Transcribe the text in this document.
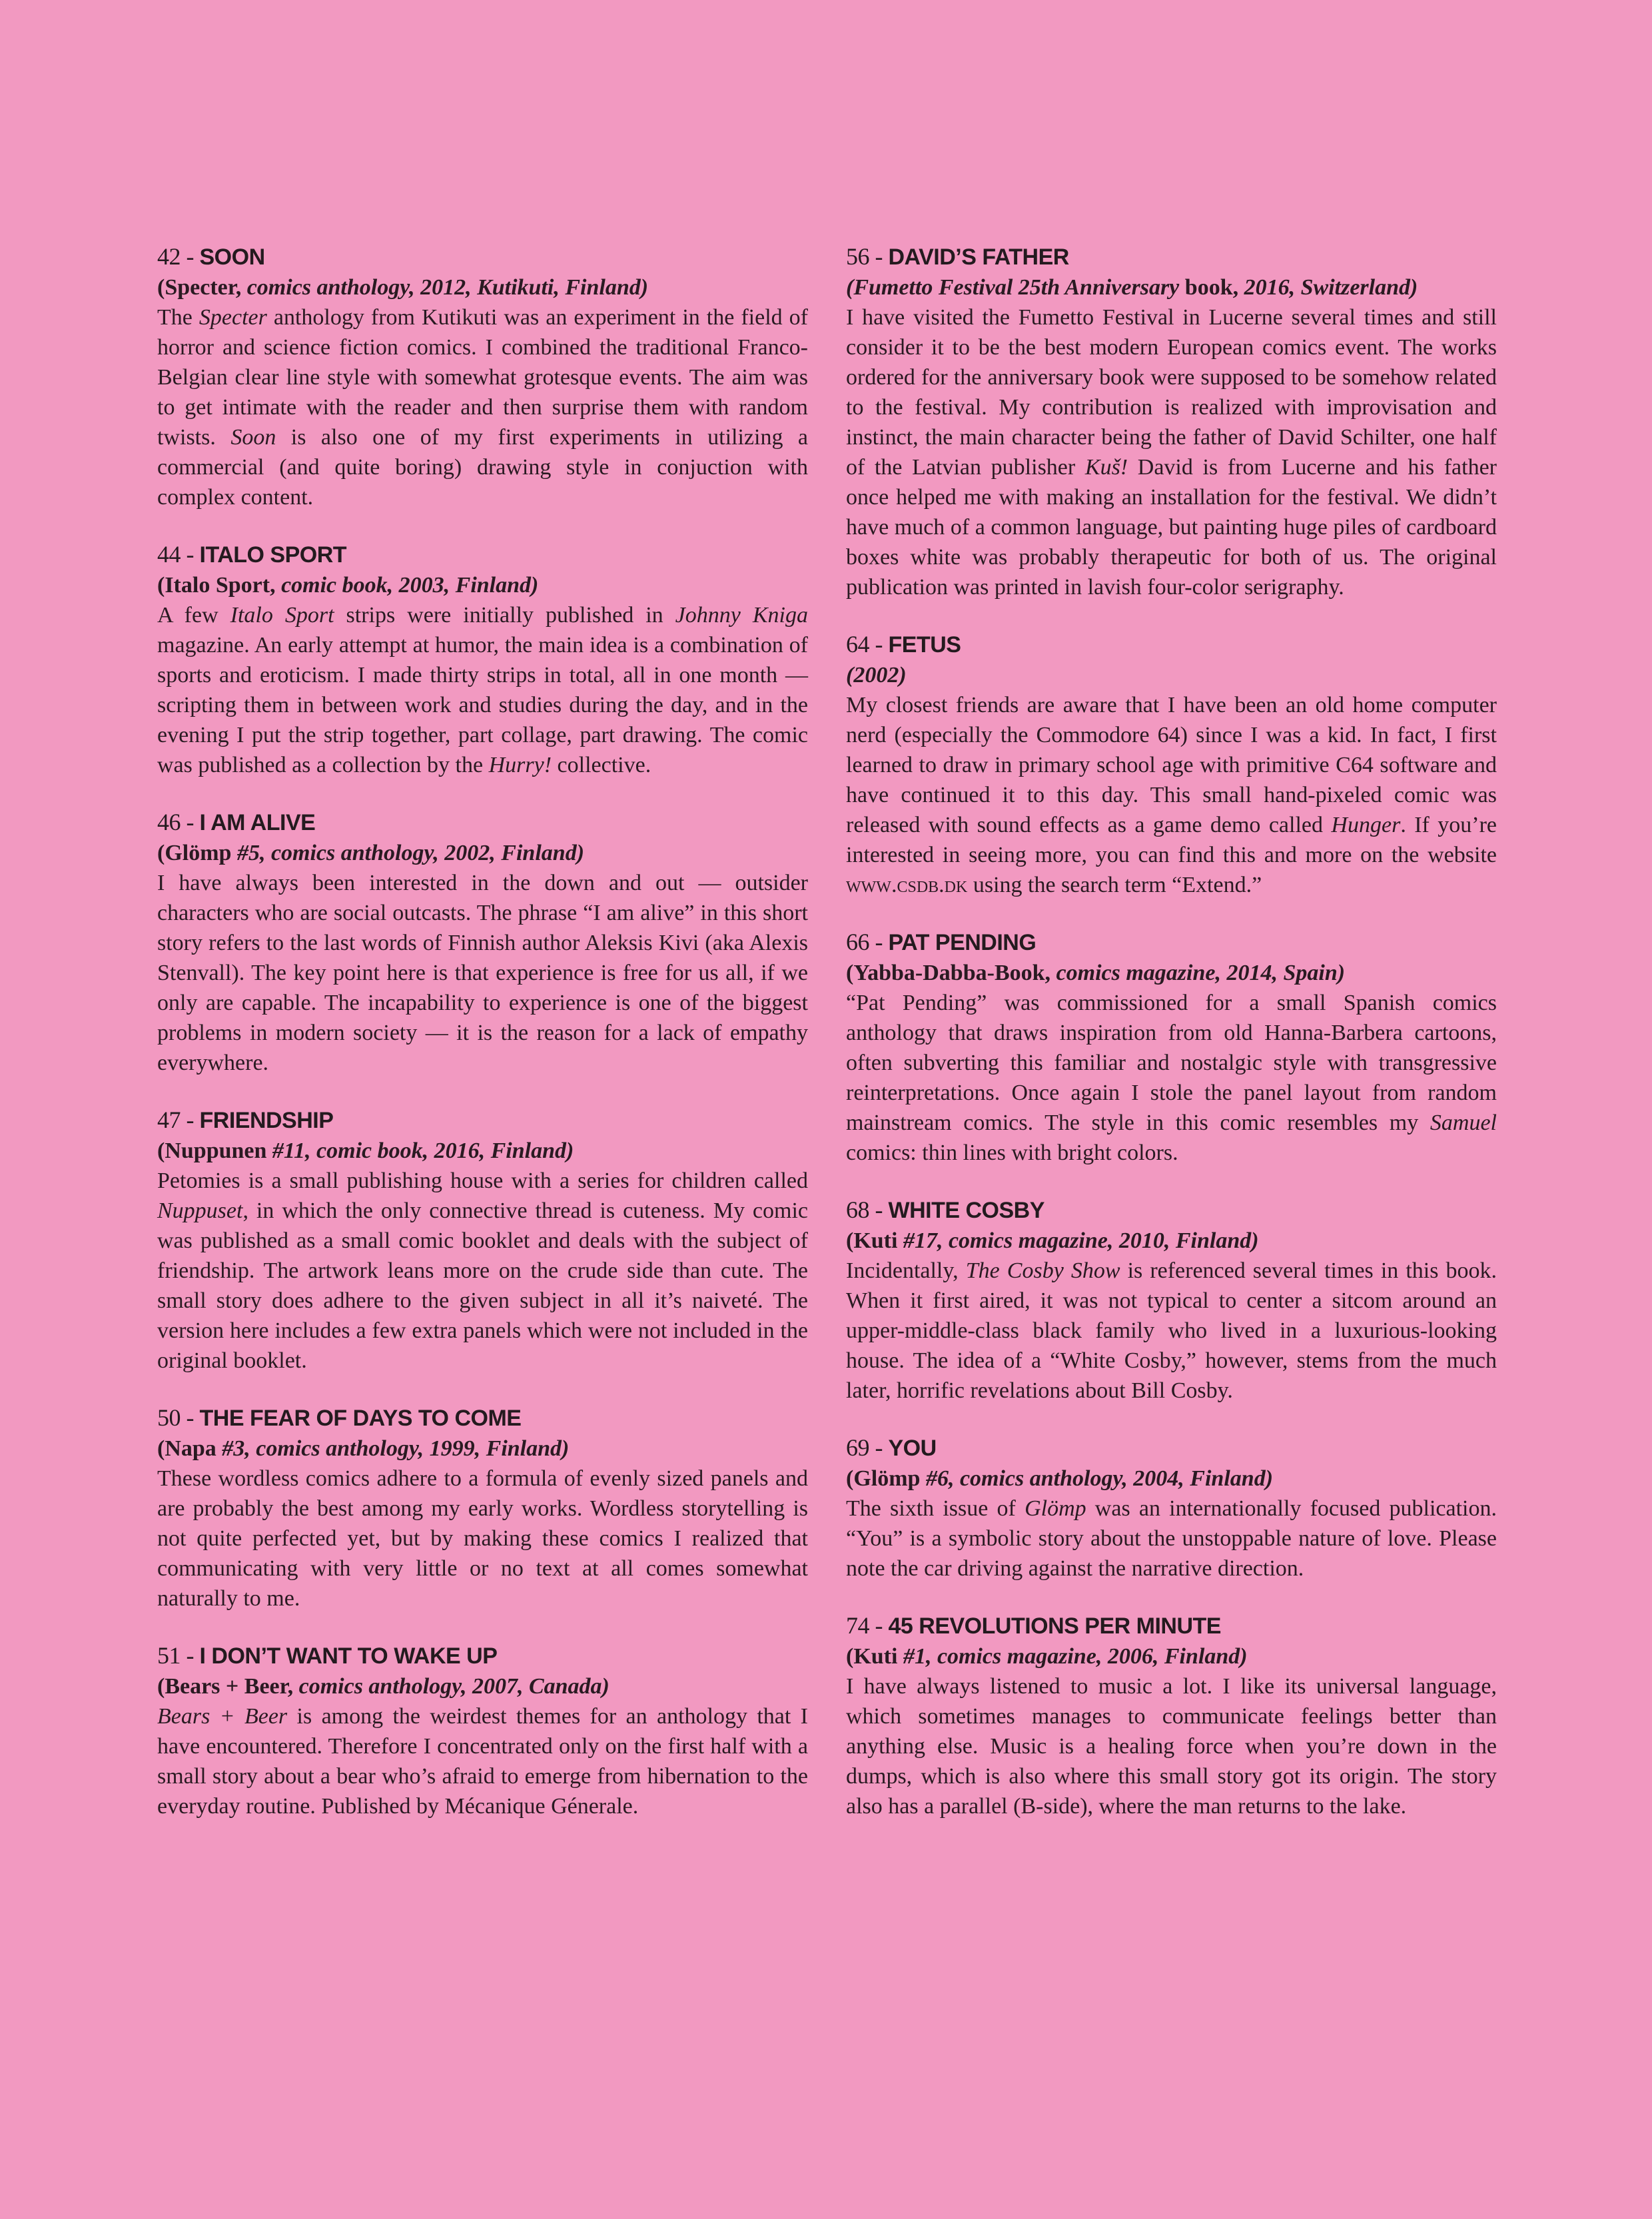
42 - SOON
(Specter, comics anthology, 2012, Kutikuti, Finland)
The Specter anthology from Kutikuti was an experiment in the field of horror and science fiction comics. I combined the traditional Franco-Belgian clear line style with somewhat grotesque events. The aim was to get intimate with the reader and then surprise them with random twists. Soon is also one of my first experiments in utilizing a commercial (and quite boring) drawing style in conjuction with complex content.
44 - ITALO SPORT
(Italo Sport, comic book, 2003, Finland)
A few Italo Sport strips were initially published in Johnny Kniga magazine. An early attempt at humor, the main idea is a combination of sports and eroticism. I made thirty strips in total, all in one month — scripting them in between work and studies during the day, and in the evening I put the strip together, part collage, part drawing. The comic was published as a collection by the Hurry! collective.
46 - I AM ALIVE
(Glömp #5, comics anthology, 2002, Finland)
I have always been interested in the down and out — outsider characters who are social outcasts. The phrase “I am alive” in this short story refers to the last words of Finnish author Aleksis Kivi (aka Alexis Stenvall). The key point here is that experience is free for us all, if we only are capable. The incapability to experience is one of the biggest problems in modern society — it is the reason for a lack of empathy everywhere.
47 - FRIENDSHIP
(Nuppunen #11, comic book, 2016, Finland)
Petomies is a small publishing house with a series for children called Nuppuset, in which the only connective thread is cuteness. My comic was published as a small comic booklet and deals with the subject of friendship. The artwork leans more on the crude side than cute. The small story does adhere to the given subject in all it’s naiveté. The version here includes a few extra panels which were not included in the original booklet.
50 - THE FEAR OF DAYS TO COME
(Napa #3, comics anthology, 1999, Finland)
These wordless comics adhere to a formula of evenly sized panels and are probably the best among my early works. Wordless storytelling is not quite perfected yet, but by making these comics I realized that communicating with very little or no text at all comes somewhat naturally to me.
51 - I DON’T WANT TO WAKE UP
(Bears + Beer, comics anthology, 2007, Canada)
Bears + Beer is among the weirdest themes for an anthology that I have encountered. Therefore I concentrated only on the first half with a small story about a bear who’s afraid to emerge from hibernation to the everyday routine. Published by Mécanique Génerale.
56 - DAVID’S FATHER
(Fumetto Festival 25th Anniversary book, 2016, Switzerland)
I have visited the Fumetto Festival in Lucerne several times and still consider it to be the best modern European comics event. The works ordered for the anniversary book were supposed to be somehow related to the festival. My contribution is realized with improvisation and instinct, the main character being the father of David Schilter, one half of the Latvian publisher Kuš! David is from Lucerne and his father once helped me with making an installation for the festival. We didn’t have much of a common language, but painting huge piles of cardboard boxes white was probably therapeutic for both of us. The original publication was printed in lavish four-color serigraphy.
64 - FETUS
(2002)
My closest friends are aware that I have been an old home computer nerd (especially the Commodore 64) since I was a kid. In fact, I first learned to draw in primary school age with primitive C64 software and have continued it to this day. This small hand-pixeled comic was released with sound effects as a game demo called Hunger. If you’re interested in seeing more, you can find this and more on the website www.csdb.dk using the search term “Extend.”
66 - PAT PENDING
(Yabba-Dabba-Book, comics magazine, 2014, Spain)
“Pat Pending” was commissioned for a small Spanish comics anthology that draws inspiration from old Hanna-Barbera cartoons, often subverting this familiar and nostalgic style with transgressive reinterpretations. Once again I stole the panel layout from random mainstream comics. The style in this comic resembles my Samuel comics: thin lines with bright colors.
68 - WHITE COSBY
(Kuti #17, comics magazine, 2010, Finland)
Incidentally, The Cosby Show is referenced several times in this book. When it first aired, it was not typical to center a sitcom around an upper-middle-class black family who lived in a luxurious-looking house. The idea of a “White Cosby,” however, stems from the much later, horrific revelations about Bill Cosby.
69 - YOU
(Glömp #6, comics anthology, 2004, Finland)
The sixth issue of Glömp was an internationally focused publication. “You” is a symbolic story about the unstoppable nature of love. Please note the car driving against the narrative direction.
74 - 45 REVOLUTIONS PER MINUTE
(Kuti #1, comics magazine, 2006, Finland)
I have always listened to music a lot. I like its universal language, which sometimes manages to communicate feelings better than anything else. Music is a healing force when you’re down in the dumps, which is also where this small story got its origin. The story also has a parallel (B-side), where the man returns to the lake.
